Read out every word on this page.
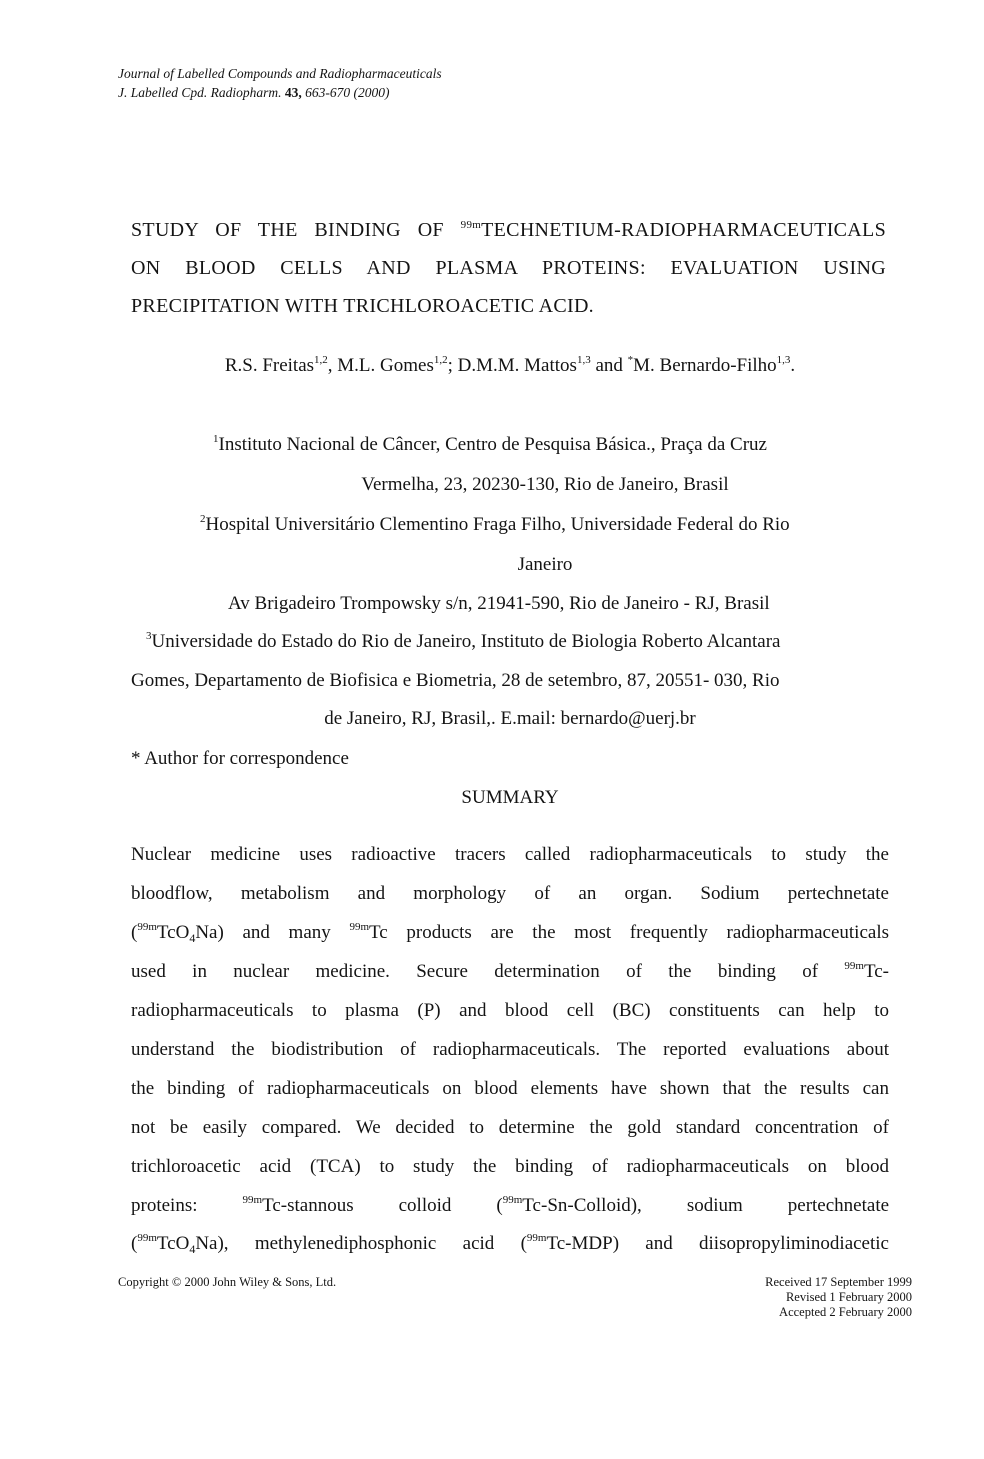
Journal of Labelled Compounds and Radiopharmaceuticals
J. Labelled Cpd. Radiopharm. 43, 663-670 (2000)
STUDY OF THE BINDING OF $^{99m}$TECHNETIUM-RADIOPHARMACEUTICALS
ON BLOOD CELLS AND PLASMA PROTEINS: EVALUATION USING
PRECIPITATION WITH TRICHLOROACETIC ACID.
R.S. Freitas$^{1,2}$, M.L. Gomes$^{1,2}$; D.M.M. Mattos$^{1,3}$ and *M. Bernardo-Filho$^{1,3}$.
$^1$Instituto Nacional de Câncer, Centro de Pesquisa Básica., Praça da Cruz
Vermelha, 23, 20230-130, Rio de Janeiro, Brasil
$^2$Hospital Universitário Clementino Fraga Filho, Universidade Federal do Rio
Janeiro
Av Brigadeiro Trompowsky s/n, 21941-590, Rio de Janeiro - RJ, Brasil
$^3$Universidade do Estado do Rio de Janeiro, Instituto de Biologia Roberto Alcantara
Gomes, Departamento de Biofisica e Biometria, 28 de setembro, 87, 20551- 030, Rio
de Janeiro, RJ, Brasil,. E.mail: bernardo@uerj.br
* Author for correspondence
SUMMARY
Nuclear medicine uses radioactive tracers called radiopharmaceuticals to study the
bloodflow, metabolism and morphology of an organ. Sodium pertechnetate
($^{99m}$TcO$_4$Na) and many $^{99m}$Tc products are the most frequently radiopharmaceuticals
used in nuclear medicine. Secure determination of the binding of $^{99m}$Tc-
radiopharmaceuticals to plasma (P) and blood cell (BC) constituents can help to
understand the biodistribution of radiopharmaceuticals. The reported evaluations about
the binding of radiopharmaceuticals on blood elements have shown that the results can
not be easily compared. We decided to determine the gold standard concentration of
trichloroacetic acid (TCA) to study the binding of radiopharmaceuticals on blood
proteins:	$^{99m}$Tc-stannous colloid ($^{99m}$Tc-Sn-Colloid), sodium pertechnetate
($^{99m}$TcO$_4$Na), methylenediphosphonic acid ($^{99m}$Tc-MDP) and diisopropyliminodiacetic
Copyright © 2000 John Wiley & Sons, Ltd.	Received 17 September 1999
Revised 1 February 2000
Accepted 2 February 2000
